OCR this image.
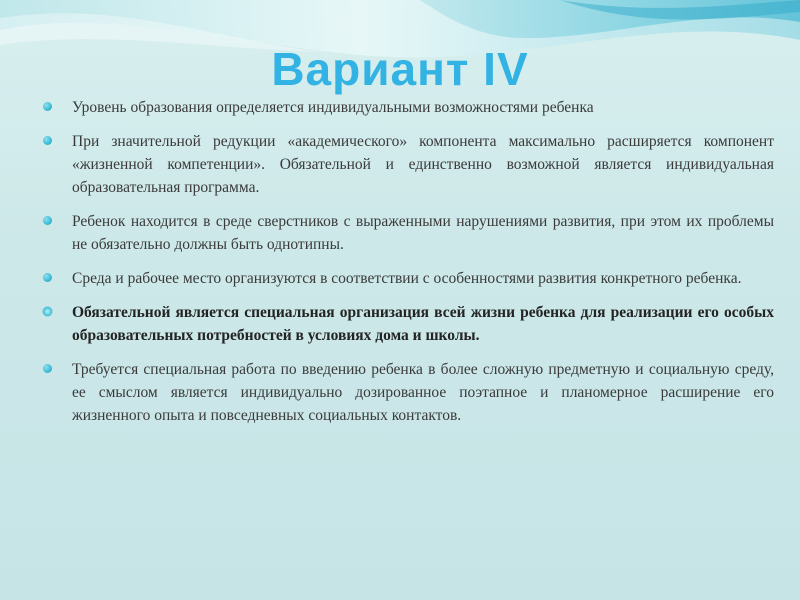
Вариант IV
Уровень образования определяется индивидуальными возможностями ребенка
При значительной редукции «академического» компонента максимально расширяется компонент «жизненной компетенции». Обязательной и единственно возможной является индивидуальная образовательная программа.
Ребенок находится в среде сверстников с выраженными нарушениями развития, при этом их проблемы не обязательно должны быть однотипны.
Среда и рабочее место организуются в соответствии с особенностями развития конкретного ребенка.
Обязательной является специальная организация всей жизни ребенка для реализации его особых образовательных потребностей в условиях дома и школы.
Требуется специальная работа по введению ребенка в более сложную предметную и социальную среду, ее смыслом является индивидуально дозированное поэтапное и планомерное расширение его жизненного опыта и повседневных социальных контактов.
